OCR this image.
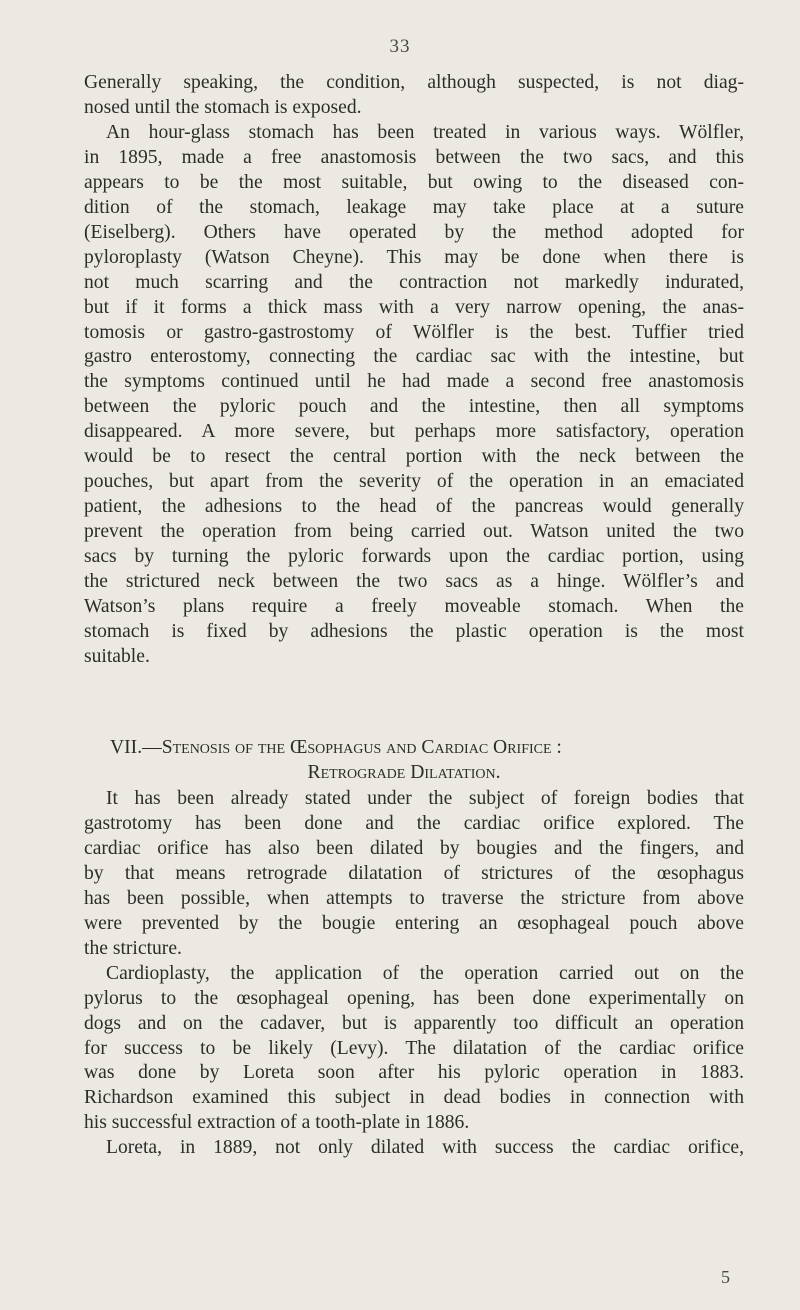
33
Generally speaking, the condition, although suspected, is not diag-
nosed until the stomach is exposed.
An hour-glass stomach has been treated in various ways. Wölfler,
in 1895, made a free anastomosis between the two sacs, and this
appears to be the most suitable, but owing to the diseased con-
dition of the stomach, leakage may take place at a suture
(Eiselberg). Others have operated by the method adopted for
pyloroplasty (Watson Cheyne). This may be done when there is
not much scarring and the contraction not markedly indurated,
but if it forms a thick mass with a very narrow opening, the anas-
tomosis or gastro-gastrostomy of Wölfler is the best. Tuffier tried
gastro enterostomy, connecting the cardiac sac with the intestine, but
the symptoms continued until he had made a second free anastomosis
between the pyloric pouch and the intestine, then all symptoms
disappeared. A more severe, but perhaps more satisfactory, operation
would be to resect the central portion with the neck between the
pouches, but apart from the severity of the operation in an emaciated
patient, the adhesions to the head of the pancreas would generally
prevent the operation from being carried out. Watson united the two
sacs by turning the pyloric forwards upon the cardiac portion, using
the strictured neck between the two sacs as a hinge. Wölfler’s and
Watson’s plans require a freely moveable stomach. When the
stomach is fixed by adhesions the plastic operation is the most
suitable.
VII.—Stenosis of the Œsophagus and Cardiac Orifice :
Retrograde Dilatation.
It has been already stated under the subject of foreign bodies that
gastrotomy has been done and the cardiac orifice explored. The
cardiac orifice has also been dilated by bougies and the fingers, and
by that means retrograde dilatation of strictures of the œsophagus
has been possible, when attempts to traverse the stricture from above
were prevented by the bougie entering an œsophageal pouch above
the stricture.
Cardioplasty, the application of the operation carried out on the
pylorus to the œsophageal opening, has been done experimentally on
dogs and on the cadaver, but is apparently too difficult an operation
for success to be likely (Levy). The dilatation of the cardiac orifice
was done by Loreta soon after his pyloric operation in 1883.
Richardson examined this subject in dead bodies in connection with
his successful extraction of a tooth-plate in 1886.
Loreta, in 1889, not only dilated with success the cardiac orifice,
5
